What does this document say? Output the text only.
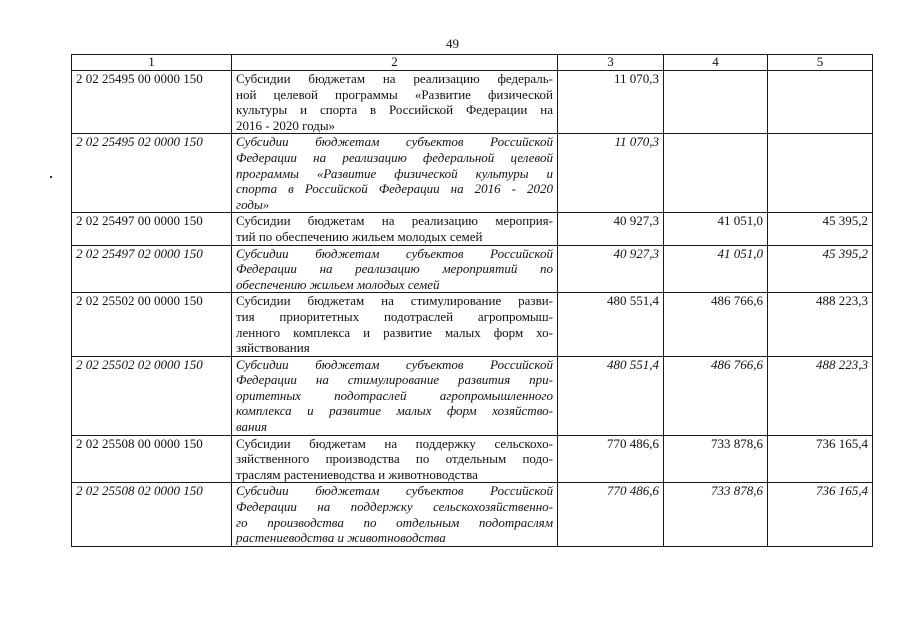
49
1	2	3	4	5
2 02 25495 00 0000 150	Субсидии бюджетам на реализацию федераль-
ной целевой программы «Развитие физической
культуры и спорта в Российской Федерации на
2016 - 2020 годы»	11 070,3		
2 02 25495 02 0000 150	Субсидии бюджетам субъектов Российской
Федерации на реализацию федеральной целевой
программы «Развитие физической культуры и
спорта в Российской Федерации на 2016 - 2020
годы»	11 070,3		
2 02 25497 00 0000 150	Субсидии бюджетам на реализацию мероприя-
тий по обеспечению жильем молодых семей	40 927,3	41 051,0	45 395,2
2 02 25497 02 0000 150	Субсидии бюджетам субъектов Российской
Федерации на реализацию мероприятий по
обеспечению жильем молодых семей	40 927,3	41 051,0	45 395,2
2 02 25502 00 0000 150	Субсидии бюджетам на стимулирование разви-
тия приоритетных подотраслей агропромыш-
ленного комплекса и развитие малых форм хо-
зяйствования	480 551,4	486 766,6	488 223,3
2 02 25502 02 0000 150	Субсидии бюджетам субъектов Российской
Федерации на стимулирование развития при-
оритетных подотраслей агропромышленного
комплекса и развитие малых форм хозяйство-
вания	480 551,4	486 766,6	488 223,3
2 02 25508 00 0000 150	Субсидии бюджетам на поддержку сельскохо-
зяйственного производства по отдельным подо-
траслям растениеводства и животноводства	770 486,6	733 878,6	736 165,4
2 02 25508 02 0000 150	Субсидии бюджетам субъектов Российской
Федерации на поддержку сельскохозяйственно-
го производства по отдельным подотраслям
растениеводства и животноводства	770 486,6	733 878,6	736 165,4
